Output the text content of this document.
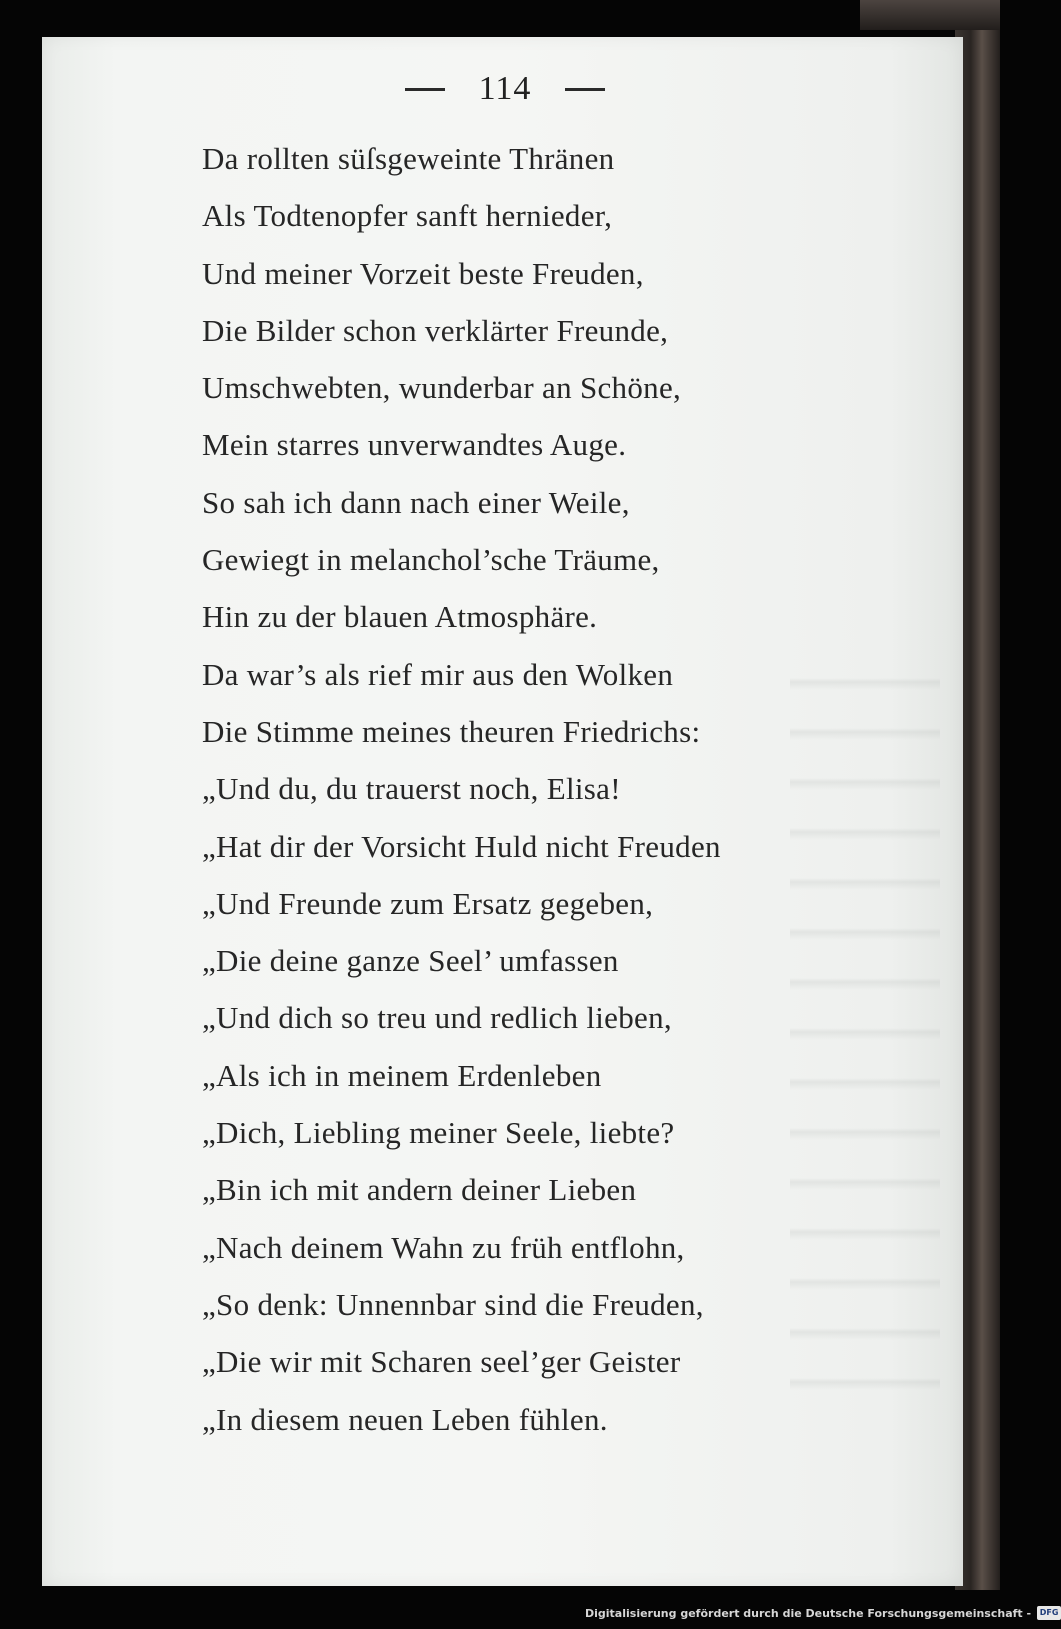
114
Da rollten süſsgeweinte Thränen
Als Todtenopfer sanft hernieder,
Und meiner Vorzeit beste Freuden,
Die Bilder schon verklärter Freunde,
Umschwebten, wunderbar an Schöne,
Mein starres unverwandtes Auge.
So sah ich dann nach einer Weile,
Gewiegt in melanchol’sche Träume,
Hin zu der blauen Atmosphäre.
Da war’s als rief mir aus den Wolken
Die Stimme meines theuren Friedrichs:
„Und du, du trauerst noch, Elisa!
„Hat dir der Vorsicht Huld nicht Freuden
„Und Freunde zum Ersatz gegeben,
„Die deine ganze Seel’ umfassen
„Und dich so treu und redlich lieben,
„Als ich in meinem Erdenleben
„Dich, Liebling meiner Seele, liebte?
„Bin ich mit andern deiner Lieben
„Nach deinem Wahn zu früh entflohn,
„So denk: Unnennbar sind die Freuden,
„Die wir mit Scharen seel’ger Geister
„In diesem neuen Leben fühlen.
Digitalisierung gefördert durch die Deutsche Forschungsgemeinschaft -	DFG
